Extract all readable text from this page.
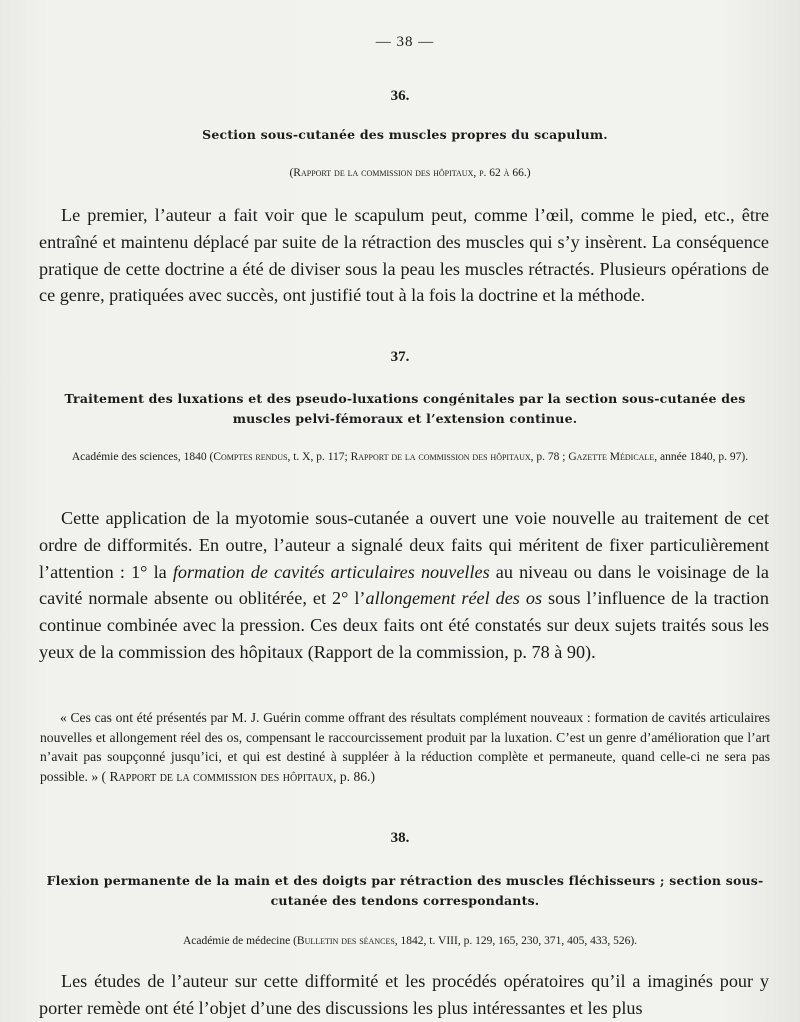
— 38 —
36.
Section sous-cutanée des muscles propres du scapulum.
(Rapport de la commission des hôpitaux, p. 62 à 66.)
Le premier, l’auteur a fait voir que le scapulum peut, comme l’œil, comme le pied, etc., être entraîné et maintenu déplacé par suite de la rétraction des muscles qui s’y insèrent. La conséquence pratique de cette doctrine a été de diviser sous la peau les muscles rétractés. Plusieurs opérations de ce genre, pratiquées avec succès, ont justifié tout à la fois la doctrine et la méthode.
37.
Traitement des luxations et des pseudo-luxations congénitales par la section sous-cutanée des muscles pelvi-fémoraux et l’extension continue.
Académie des sciences, 1840 (Comptes rendus, t. X, p. 117; Rapport de la commission des hôpitaux, p. 78 ; Gazette Médicale, année 1840, p. 97).
Cette application de la myotomie sous-cutanée a ouvert une voie nouvelle au traitement de cet ordre de difformités. En outre, l’auteur a signalé deux faits qui méritent de fixer particulièrement l’attention : 1° la formation de cavités articulaires nouvelles au niveau ou dans le voisinage de la cavité normale absente ou oblitérée, et 2° l’allongement réel des os sous l’influence de la traction continue combinée avec la pression. Ces deux faits ont été constatés sur deux sujets traités sous les yeux de la commission des hôpitaux (Rapport de la commission, p. 78 à 90).
« Ces cas ont été présentés par M. J. Guérin comme offrant des résultats complément nouveaux : formation de cavités articulaires nouvelles et allongement réel des os, compensant le raccourcissement produit par la luxation. C’est un genre d’amélioration que l’art n’avait pas soupçonné jusqu’ici, et qui est destiné à suppléer à la réduction complète et permaneute, quand celle-ci ne sera pas possible. » ( Rapport de la commission des hôpitaux, p. 86.)
38.
Flexion permanente de la main et des doigts par rétraction des muscles fléchisseurs ; section sous-cutanée des tendons correspondants.
Académie de médecine (Bulletin des séances, 1842, t. VIII, p. 129, 165, 230, 371, 405, 433, 526).
Les études de l’auteur sur cette difformité et les procédés opératoires qu’il a imaginés pour y porter remède ont été l’objet d’une des discussions les plus intéressantes et les plus
